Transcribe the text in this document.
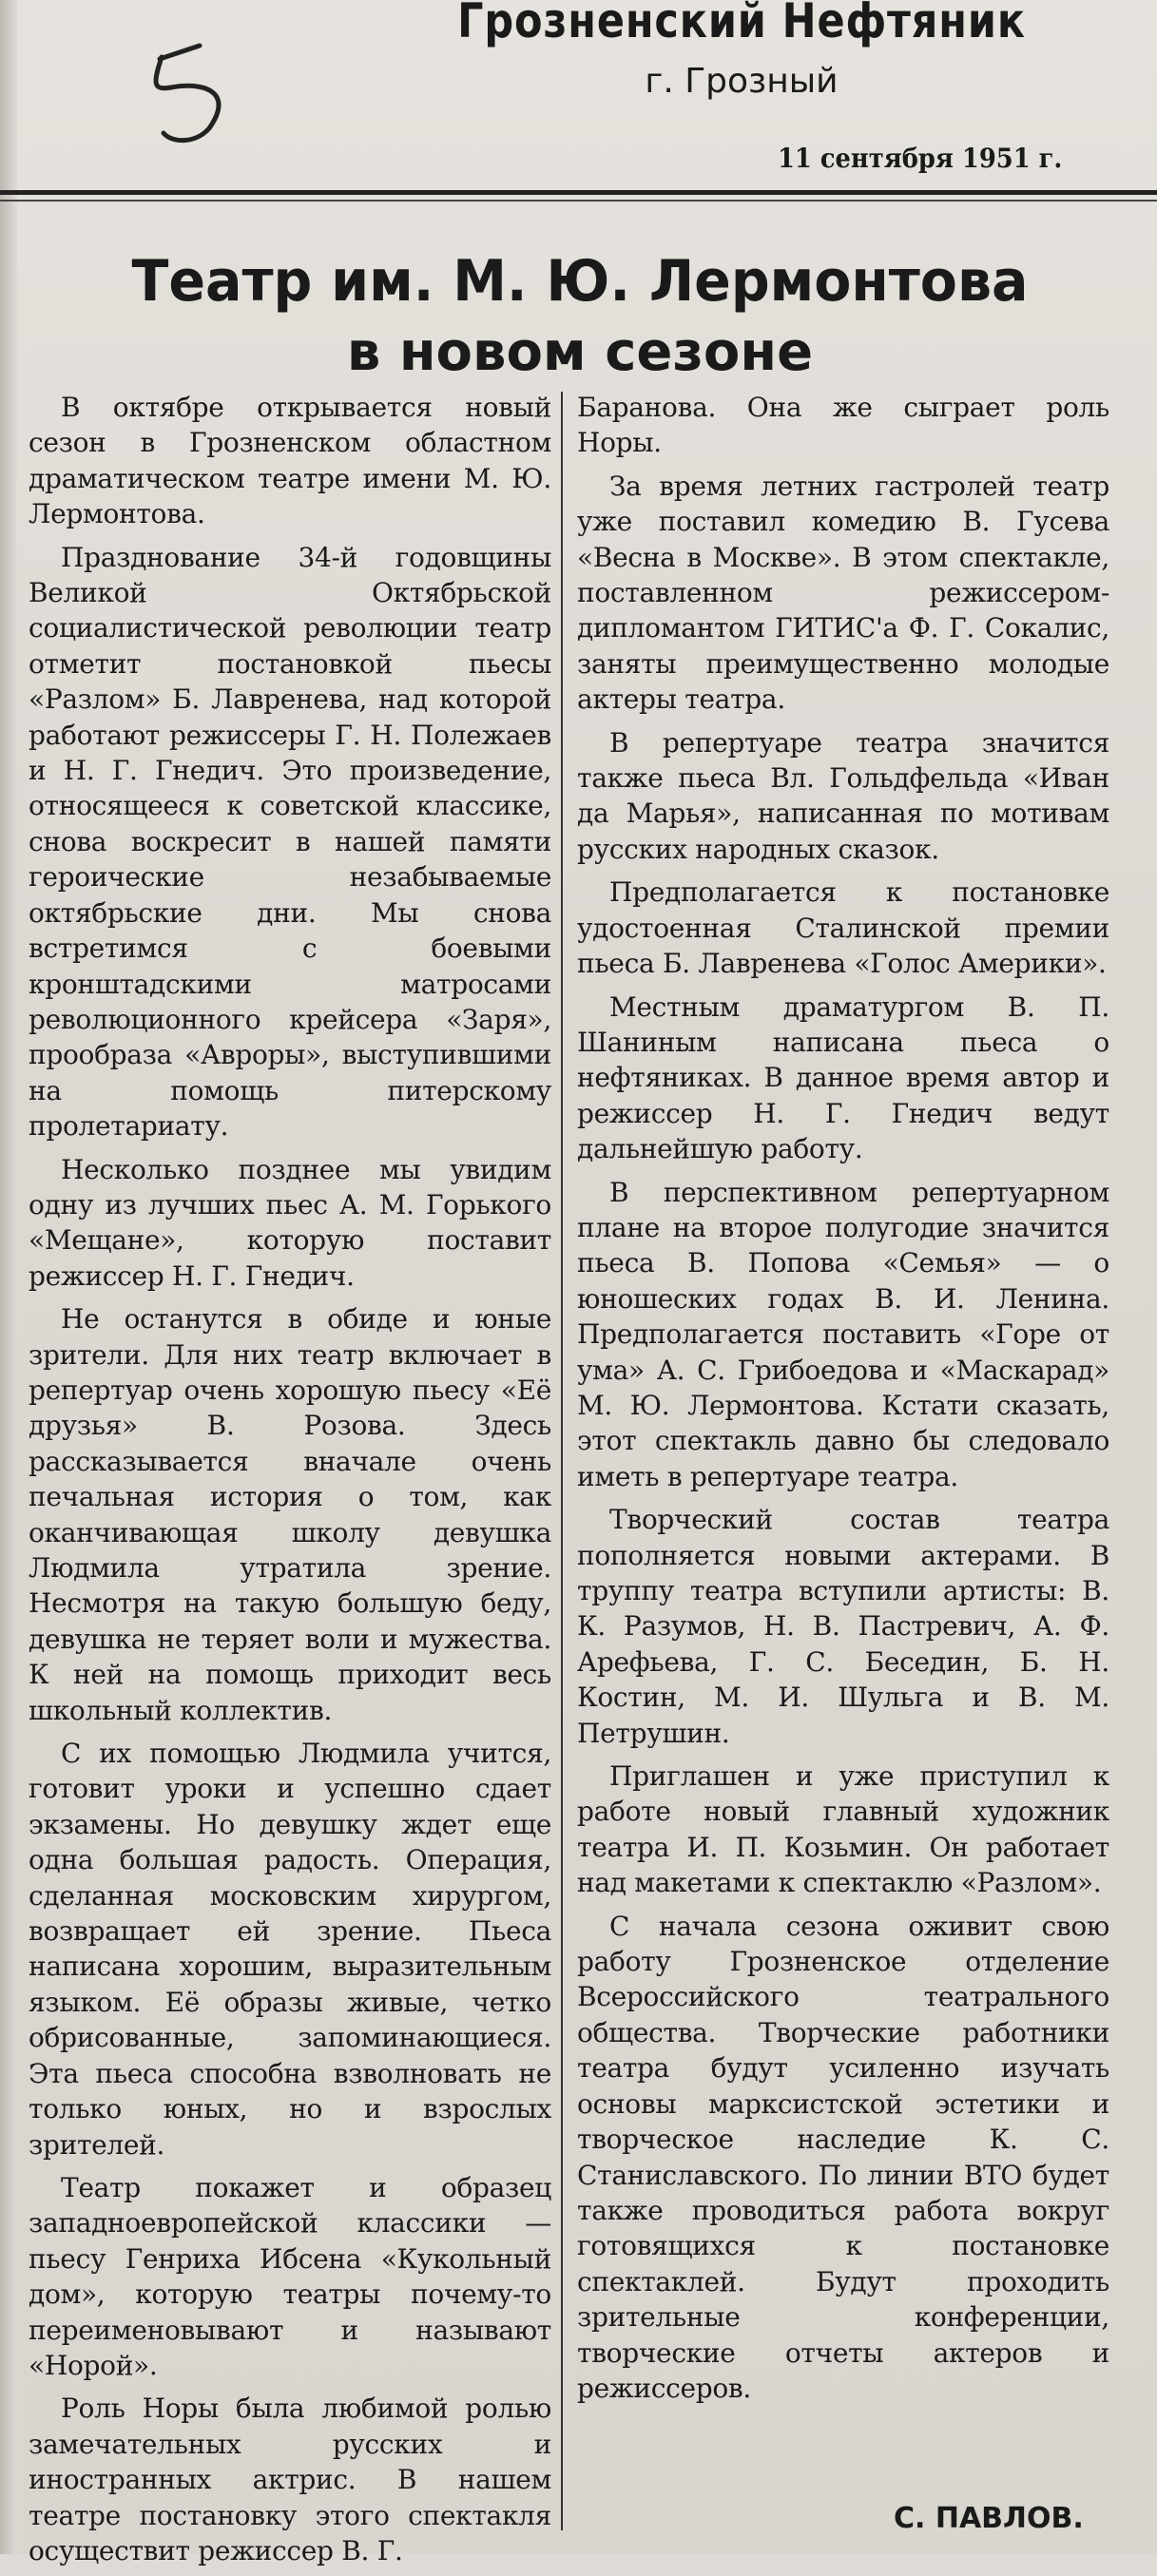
Грозненский Нефтяник
г. Грозный
11 сентября 1951 г.
Театр им. М. Ю. Лермонтова
в новом сезоне

В октябре открывается новый сезон в Грозненском областном драматическом театре имени М. Ю. Лермонтова.

Празднование 34-й годовщины Великой Октябрьской социалистической революции театр отметит постановкой пьесы «Разлом» Б. Лавренева, над которой работают режиссеры Г. Н. Полежаев и Н. Г. Гнедич. Это произведение, относящееся к советской классике, снова воскресит в нашей памяти героические незабываемые октябрьские дни. Мы снова встретимся с боевыми кронштадскими матросами революционного крейсера «Заря», прообраза «Авроры», выступившими на помощь питерскому пролетариату.

Несколько позднее мы увидим одну из лучших пьес А. М. Горького «Мещане», которую поставит режиссер Н. Г. Гнедич.

Не останутся в обиде и юные зрители. Для них театр включает в репертуар очень хорошую пьесу «Её друзья» В. Розова. Здесь рассказывается вначале очень печальная история о том, как оканчивающая школу девушка Людмила утратила зрение. Несмотря на такую большую беду, девушка не теряет воли и мужества. К ней на помощь приходит весь школьный коллектив.

С их помощью Людмила учится, готовит уроки и успешно сдает экзамены. Но девушку ждет еще одна большая радость. Операция, сделанная московским хирургом, возвращает ей зрение. Пьеса написана хорошим, выразительным языком. Её образы живые, четко обрисованные, запоминающиеся. Эта пьеса способна взволновать не только юных, но и взрослых зрителей.

Театр покажет и образец западноевропейской классики — пьесу Генриха Ибсена «Кукольный дом», которую театры почему-то переименовывают и называют «Норой».

Роль Норы была любимой ролью замечательных русских и иностранных актрис. В нашем театре постановку этого спектакля осуществит режиссер В. Г.

Баранова. Она же сыграет роль Норы.

За время летних гастролей театр уже поставил комедию В. Гусева «Весна в Москве». В этом спектакле, поставленном режиссером-дипломантом ГИТИС'а Ф. Г. Сокалис, заняты преимущественно молодые актеры театра.

В репертуаре театра значится также пьеса Вл. Гольдфельда «Иван да Марья», написанная по мотивам русских народных сказок.

Предполагается к постановке удостоенная Сталинской премии пьеса Б. Лавренева «Голос Америки».

Местным драматургом В. П. Шаниным написана пьеса о нефтяниках. В данное время автор и режиссер Н. Г. Гнедич ведут дальнейшую работу.

В перспективном репертуарном плане на второе полугодие значится пьеса В. Попова «Семья» — о юношеских годах В. И. Ленина. Предполагается поставить «Горе от ума» А. С. Грибоедова и «Маскарад» М. Ю. Лермонтова. Кстати сказать, этот спектакль давно бы следовало иметь в репертуаре театра.

Творческий состав театра пополняется новыми актерами. В труппу театра вступили артисты: В. К. Разумов, Н. В. Пастревич, А. Ф. Арефьева, Г. С. Беседин, Б. Н. Костин, М. И. Шульга и В. М. Петрушин.

Приглашен и уже приступил к работе новый главный художник театра И. П. Козьмин. Он работает над макетами к спектаклю «Разлом».

С начала сезона оживит свою работу Грозненское отделение Всероссийского театрального общества. Творческие работники театра будут усиленно изучать основы марксистской эстетики и творческое наследие К. С. Станиславского. По линии ВТО будет также проводиться работа вокруг готовящихся к постановке спектаклей. Будут проходить зрительные конференции, творческие отчеты актеров и режиссеров.

С. ПАВЛОВ.
